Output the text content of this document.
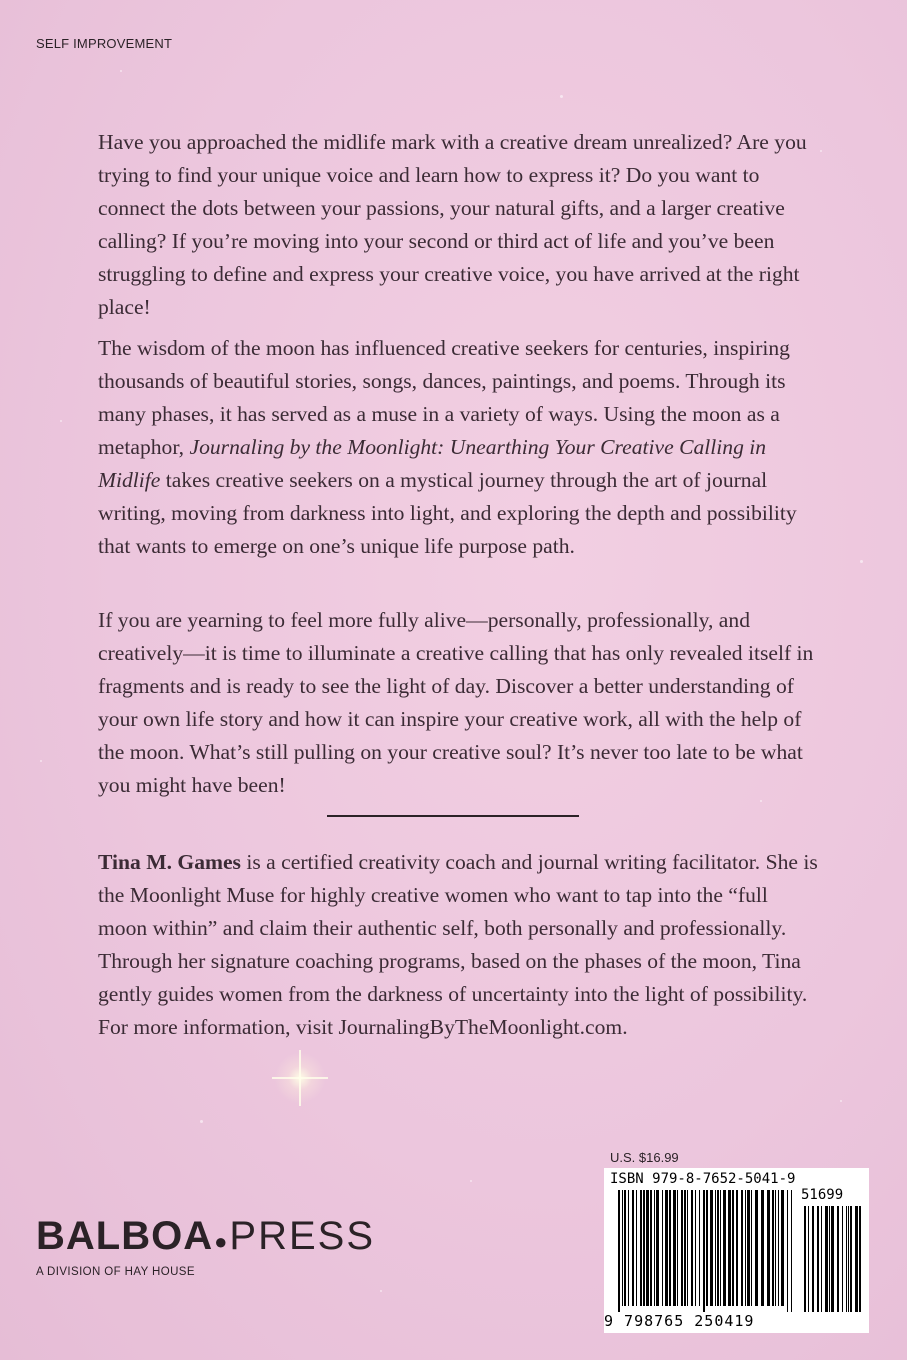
SELF IMPROVEMENT

Have you approached the midlife mark with a creative dream unrealized? Are you trying to find your unique voice and learn how to express it? Do you want to connect the dots between your passions, your natural gifts, and a larger creative calling? If you’re moving into your second or third act of life and you’ve been struggling to define and express your creative voice, you have arrived at the right place!

The wisdom of the moon has influenced creative seekers for centuries, inspiring thousands of beautiful stories, songs, dances, paintings, and poems. Through its many phases, it has served as a muse in a variety of ways. Using the moon as a metaphor, Journaling by the Moonlight: Unearthing Your Creative Calling in Midlife takes creative seekers on a mystical journey through the art of journal writing, moving from darkness into light, and exploring the depth and possibility that wants to emerge on one’s unique life purpose path.

If you are yearning to feel more fully alive—personally, professionally, and creatively—it is time to illuminate a creative calling that has only revealed itself in fragments and is ready to see the light of day. Discover a better understanding of your own life story and how it can inspire your creative work, all with the help of the moon. What’s still pulling on your creative soul? It’s never too late to be what you might have been!

Tina M. Games is a certified creativity coach and journal writing facilitator. She is the Moonlight Muse for highly creative women who want to tap into the “full moon within” and claim their authentic self, both personally and professionally. Through her signature coaching programs, based on the phases of the moon, Tina gently guides women from the darkness of uncertainty into the light of possibility. For more information, visit JournalingByTheMoonlight.com.

BALBOA●PRESS
A DIVISION OF HAY HOUSE
U.S. $16.99
ISBN 979-8-7652-5041-9
51699
9 798765 250419
